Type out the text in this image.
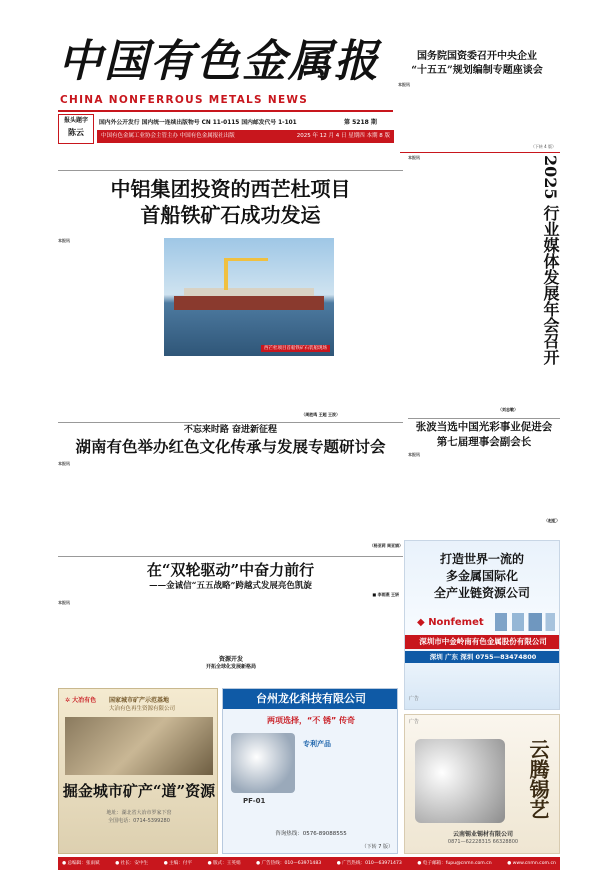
中国有色金属报
CHINA NONFERROUS METALS NEWS
报头题字
陈云
国内外公开发行 国内统一连续出版物号 CN 11-0115 国内邮发代号 1-101	第 5218 期
中国有色金属工业协会主管主办 中国有色金属报社出版	2025 年 12 月 4 日 星期四 本期 8 版
国务院国资委召开中央企业
“十五五”规划编制专题座谈会
本报讯
（下转 4 版）
中铝集团投资的西芒杜项目
首船铁矿石成功发运
本报讯
西芒杜项目首船铁矿石装船现场
（周胜鸣 王超 王波）
本报讯	2025 行业媒体发展年会召开
（刘志敏）
不忘来时路 奋进新征程
湖南有色举办红色文化传承与发展专题研讨会
本报讯
（杨亚莉 周亚娟）
张波当选中国光彩事业促进会
第七届理事会副会长
本报讯
（赵虹）
打造世界一流的
多金属国际化
全产业链资源公司
◆ Nonfemet
深圳市中金岭南有色金属股份有限公司
深圳 广东 深圳 0755—83474800
广告
在“双轮驱动”中奋力前行
——金诚信“五五战略”跨越式发展亮色凯旋
■ 李雨燕 王妍
本报讯
资源开发
开拓全球化发展新格局
✲ 大冶有色 国家城市矿产示范基地
大冶有色再生资源有限公司
掘金城市矿产“道”资源
地址：湖北省大冶市罗家下窑
全国电话：0714-5399280
台州龙化科技有限公司
两项选择，“不 锈” 传奇
专利产品
PF-01
咨询热线：0576-89088555
（下转 7 版）
广告
云腾锡艺
云南锡业锡材有限公司
0871—62228315 66328800
● 总编辑：张雨斌	● 社长：安中生	● 主编：付平	● 版式：王英娟	● 广告热线：010—63971483	● 广告热线：010—63971473	● 电子邮箱：fupu@cnmn.com.cn	● www.cnmn.com.cn
